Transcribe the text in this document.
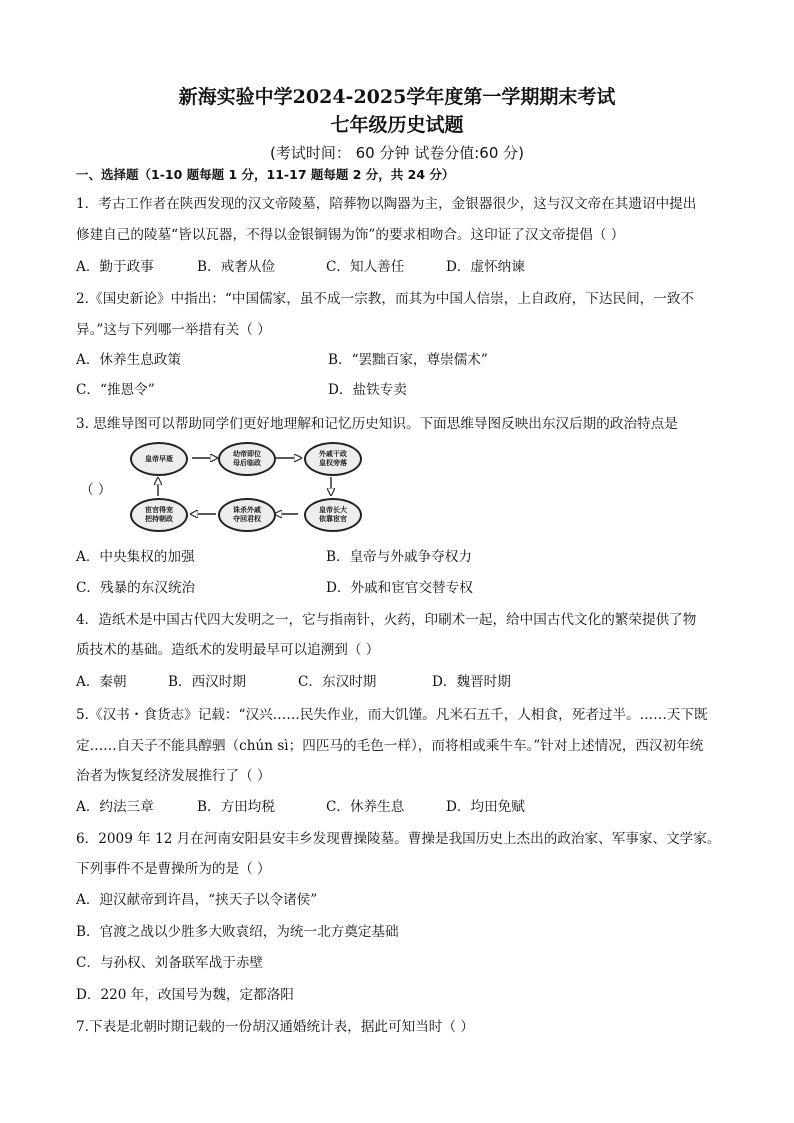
新海实验中学2024-2025学年度第一学期期末考试
七年级历史试题
(考试时间： 60 分钟 试卷分值:60 分)
一、选择题（1-10 题每题 1 分，11-17 题每题 2 分，共 24 分）
1．考古工作者在陕西发现的汉文帝陵墓，陪葬物以陶器为主，金银器很少，这与汉文帝在其遗诏中提出
修建自己的陵墓“皆以瓦器，不得以金银铜锡为饰”的要求相吻合。这印证了汉文帝提倡（ ）
A．勤于政事	B．戒奢从俭	C．知人善任	D．虚怀纳谏
2.《国史新论》中指出：“中国儒家，虽不成一宗教，而其为中国人信崇，上自政府，下达民间，一致不
异。”这与下列哪一举措有关（ ）
A．休养生息政策	B．“罢黜百家，尊崇儒术”
C．“推恩令”	D．盐铁专卖
3. 思维导图可以帮助同学们更好地理解和记忆历史知识。下面思维导图反映出东汉后期的政治特点是
（ ）
皇帝早逝
幼帝即位
母后临政
外戚干政
皇权旁落
皇帝长大
依靠宦官
诛杀外戚
夺回君权
宦官得宠
把持朝政
A．中央集权的加强	B．皇帝与外戚争夺权力
C．残暴的东汉统治	D．外戚和宦官交替专权
4．造纸术是中国古代四大发明之一，它与指南针，火药，印刷术一起，给中国古代文化的繁荣提供了物
质技术的基础。造纸术的发明最早可以追溯到（ ）
A．秦朝	B．西汉时期	C．东汉时期	D．魏晋时期
5.《汉书・食货志》记载：“汉兴……民失作业，而大饥馑。凡米石五千，人相食，死者过半。……天下既
定……自天子不能具醇驷（chún sì；四匹马的毛色一样），而将相或乘牛车。”针对上述情况，西汉初年统
治者为恢复经济发展推行了（ ）
A．约法三章	B．方田均税	C．休养生息	D．均田免赋
6．2009 年 12 月在河南安阳县安丰乡发现曹操陵墓。曹操是我国历史上杰出的政治家、军事家、文学家。
下列事件不是曹操所为的是（ ）
A．迎汉献帝到许昌，“挟天子以令诸侯”
B．官渡之战以少胜多大败袁绍，为统一北方奠定基础
C．与孙权、刘备联军战于赤壁
D．220 年，改国号为魏，定都洛阳
7.下表是北朝时期记载的一份胡汉通婚统计表，据此可知当时（ ）
